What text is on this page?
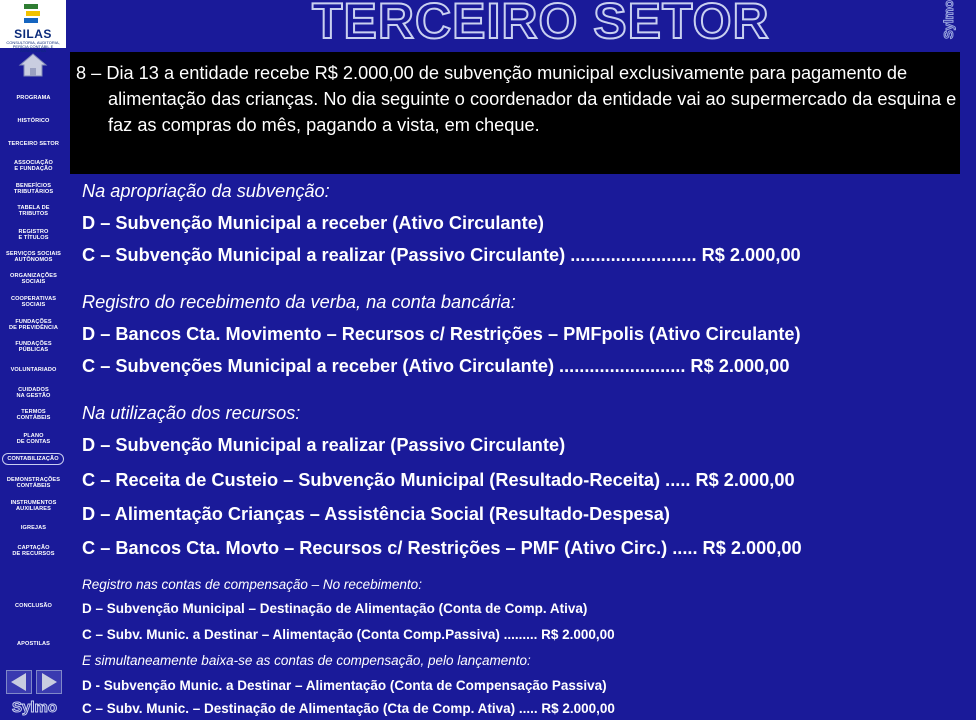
SILAS
CONSULTORIA, AUDITORIA, PERÍCIA CONTÁBIL E ASSESSORIA
TERCEIRO SETOR	Sylmo
PROGRAMA
HISTÓRICO
TERCEIRO SETOR
ASSOCIAÇÃO
E FUNDAÇÃO
BENEFÍCIOS
TRIBUTÁRIOS
TABELA DE
TRIBUTOS
REGISTRO
E TÍTULOS
SERVIÇOS SOCIAIS
AUTÔNOMOS
ORGANIZAÇÕES
SOCIAIS
COOPERATIVAS
SOCIAIS
FUNDAÇÕES
DE PREVIDÊNCIA
FUNDAÇÕES
PÚBLICAS
VOLUNTARIADO
CUIDADOS
NA GESTÃO
TERMOS
CONTÁBEIS
PLANO
DE CONTAS
CONTABILIZAÇÃO
DEMONSTRAÇÕES
CONTÁBEIS
INSTRUMENTOS
AUXILIARES
IGREJAS
CAPTAÇÃO
DE RECURSOS
CONCLUSÃO
APOSTILAS
Sylmo
8 – Dia 13 a entidade recebe R$ 2.000,00 de subvenção municipal exclusivamente para pagamento de alimentação das crianças. No dia seguinte o coordenador da entidade vai ao supermercado da esquina e faz as compras do mês, pagando a vista, em cheque.
Na apropriação da subvenção:
D – Subvenção Municipal a receber (Ativo Circulante)
C – Subvenção Municipal a realizar (Passivo Circulante) ......................... R$ 2.000,00
Registro do recebimento da verba, na conta bancária:
D – Bancos Cta. Movimento – Recursos c/ Restrições – PMFpolis (Ativo Circulante)
C – Subvenções Municipal a receber (Ativo Circulante) ......................... R$ 2.000,00
Na utilização dos recursos:
D – Subvenção Municipal a realizar (Passivo Circulante)
C – Receita de Custeio – Subvenção Municipal (Resultado-Receita) ..... R$ 2.000,00
D – Alimentação Crianças – Assistência Social (Resultado-Despesa)
C – Bancos Cta. Movto – Recursos c/ Restrições – PMF (Ativo Circ.) ..... R$ 2.000,00
Registro nas contas de compensação – No recebimento:
D – Subvenção Municipal – Destinação de Alimentação (Conta de Comp. Ativa)
C – Subv. Munic. a Destinar – Alimentação (Conta Comp.Passiva) ......... R$ 2.000,00
E simultaneamente baixa-se as contas de compensação, pelo lançamento:
D - Subvenção Munic. a Destinar – Alimentação (Conta de Compensação Passiva)
C – Subv. Munic. – Destinação de Alimentação (Cta de Comp. Ativa) ..... R$ 2.000,00
